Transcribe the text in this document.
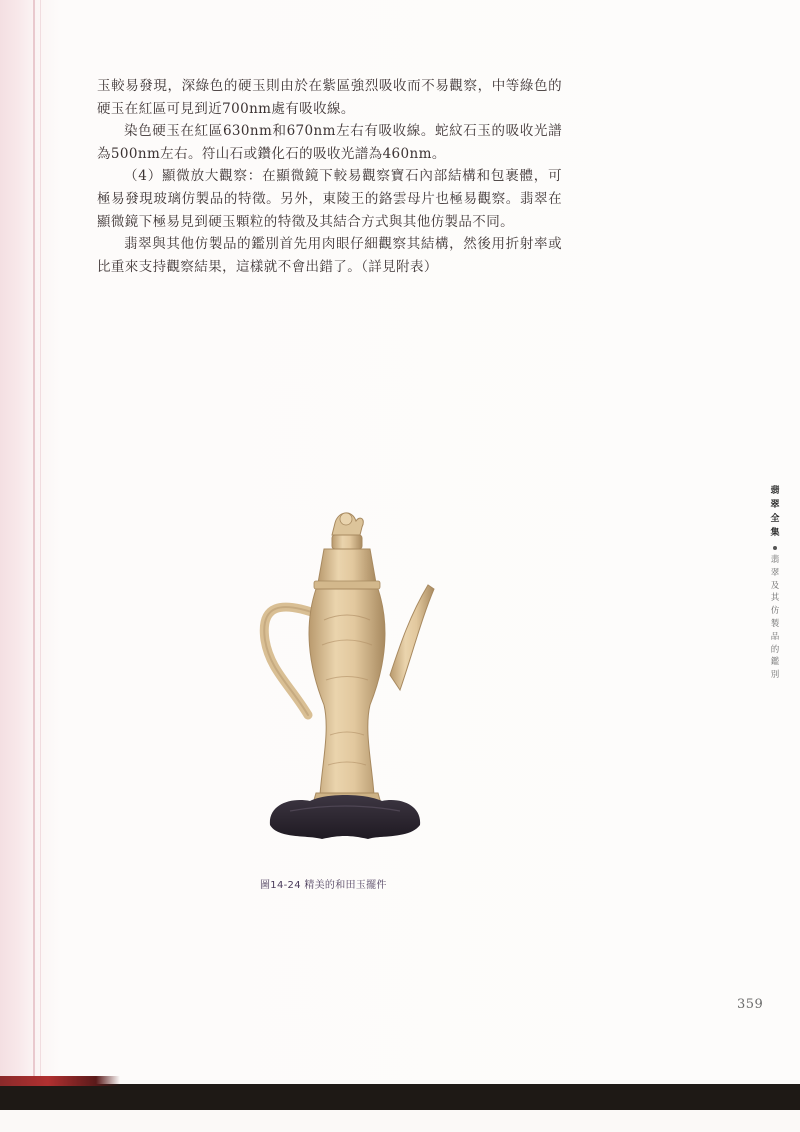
玉較易發現，深綠色的硬玉則由於在紫區強烈吸收而不易觀察，中等綠色的硬玉在紅區可見到近700nm處有吸收線。

染色硬玉在紅區630nm和670nm左右有吸收線。蛇紋石玉的吸收光譜為500nm左右。符山石或鑽化石的吸收光譜為460nm。

（4）顯微放大觀察：在顯微鏡下較易觀察寶石內部結構和包裹體，可極易發現玻璃仿製品的特徵。另外，東陵王的鉻雲母片也極易觀察。翡翠在顯微鏡下極易見到硬玉顆粒的特徵及其結合方式與其他仿製品不同。

翡翠與其他仿製品的鑑別首先用肉眼仔細觀察其結構，然後用折射率或比重來支持觀察結果，這樣就不會出錯了。（詳見附表）

圖14-24 精美的和田玉擺件
翡翠全集
翡翠及其仿製品的鑑別
359
